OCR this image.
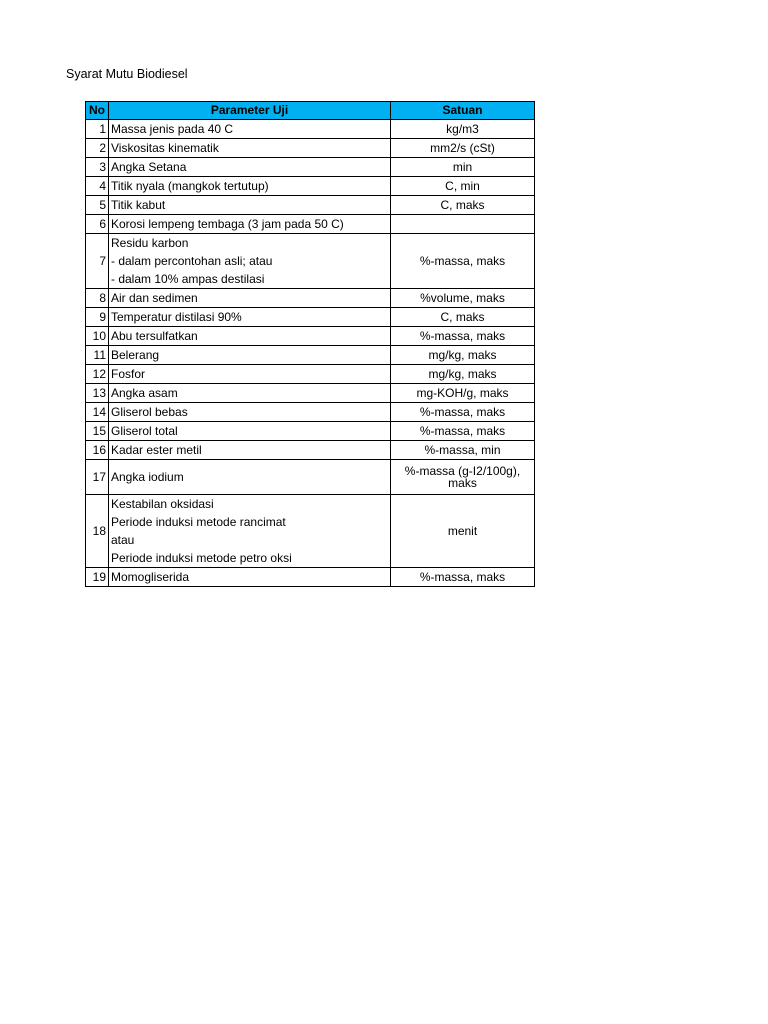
Syarat Mutu Biodiesel
No	Parameter Uji	Satuan
1	Massa jenis pada 40 C	kg/m3
2	Viskositas kinematik	mm2/s (cSt)
3	Angka Setana	min
4	Titik nyala (mangkok tertutup)	C, min
5	Titik kabut	C, maks
6	Korosi lempeng tembaga (3 jam pada 50 C)	

7	Residu karbon
- dalam percontohan asli; atau
- dalam 10% ampas destilasi	%-massa, maks
8	Air dan sedimen	%volume, maks
9	Temperatur distilasi 90%	C, maks
10	Abu tersulfatkan	%-massa, maks
11	Belerang	mg/kg, maks
12	Fosfor	mg/kg, maks
13	Angka asam	mg-KOH/g, maks
14	Gliserol bebas	%-massa, maks
15	Gliserol total	%-massa, maks
16	Kadar ester metil	%-massa, min
17	Angka iodium	%-massa (g-I2/100g), maks
18	Kestabilan oksidasi
Periode induksi metode rancimat
atau
Periode induksi metode petro oksi	menit
19	Momogliserida	%-massa, maks
